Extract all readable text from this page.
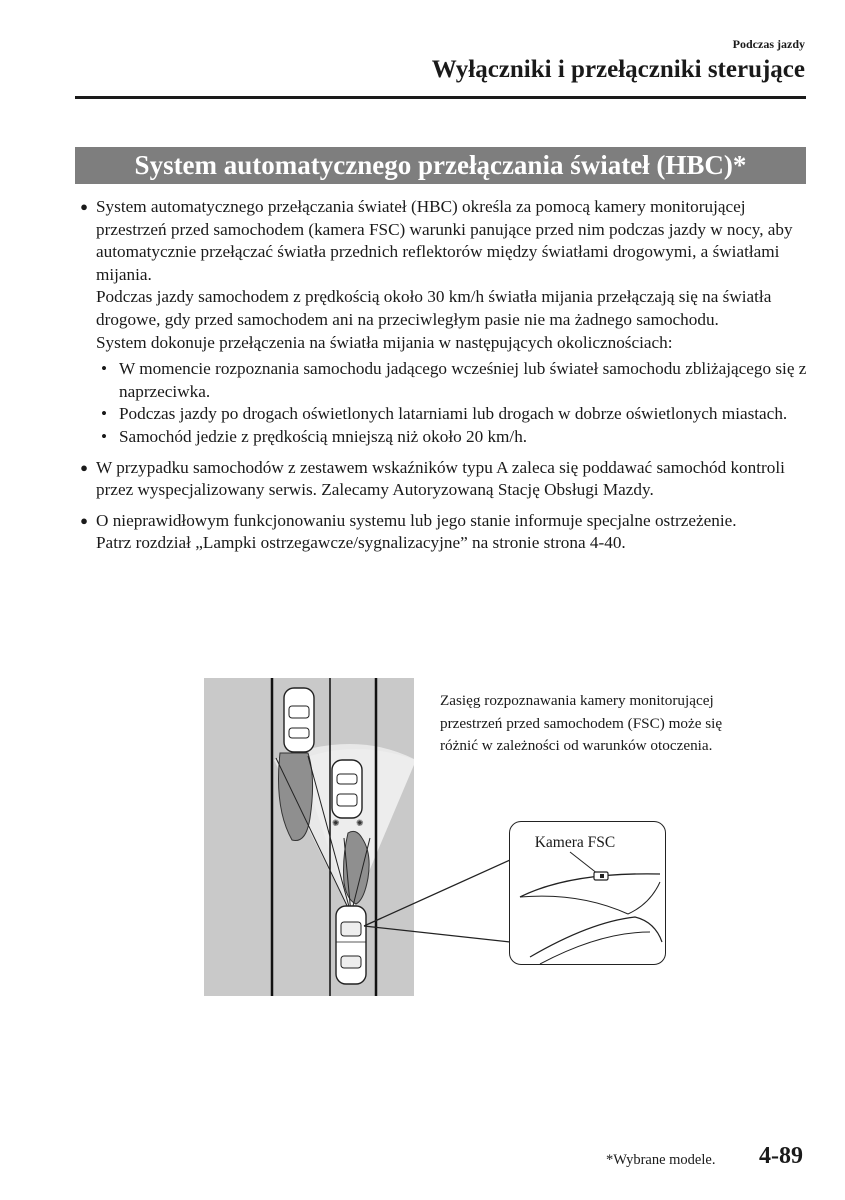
Podczas jazdy
Wyłączniki i przełączniki sterujące
System automatycznego przełączania świateł (HBC)*
● System automatycznego przełączania świateł (HBC) określa za pomocą kamery monitorującej przestrzeń przed samochodem (kamera FSC) warunki panujące przed nim podczas jazdy w nocy, aby automatycznie przełączać światła przednich reflektorów między światłami drogowymi, a światłami mijania.

Podczas jazdy samochodem z prędkością około 30 km/h światła mijania przełączają się na światła drogowe, gdy przed samochodem ani na przeciwległym pasie nie ma żadnego samochodu.

System dokonuje przełączenia na światła mijania w następujących okolicznościach:

• W momencie rozpoznania samochodu jadącego wcześniej lub świateł samochodu zbliżającego się z naprzeciwka.
• Podczas jazdy po drogach oświetlonych latarniami lub drogach w dobrze oświetlonych miastach.
• Samochód jedzie z prędkością mniejszą niż około 20 km/h.
● W przypadku samochodów z zestawem wskaźników typu A zaleca się poddawać samochód kontroli przez wyspecjalizowany serwis. Zalecamy Autoryzowaną Stację Obsługi Mazdy.

● O nieprawidłowym funkcjonowaniu systemu lub jego stanie informuje specjalne ostrzeżenie.

Patrz rozdział „Lampki ostrzegawcze/sygnalizacyjne” na stronie strona 4-40.

✺ ✺

Zasięg rozpoznawania kamery monitorującej przestrzeń przed samochodem (FSC) może się różnić w zależności od warunków otoczenia.

Kamera FSC
*Wybrane modele. 4-89
